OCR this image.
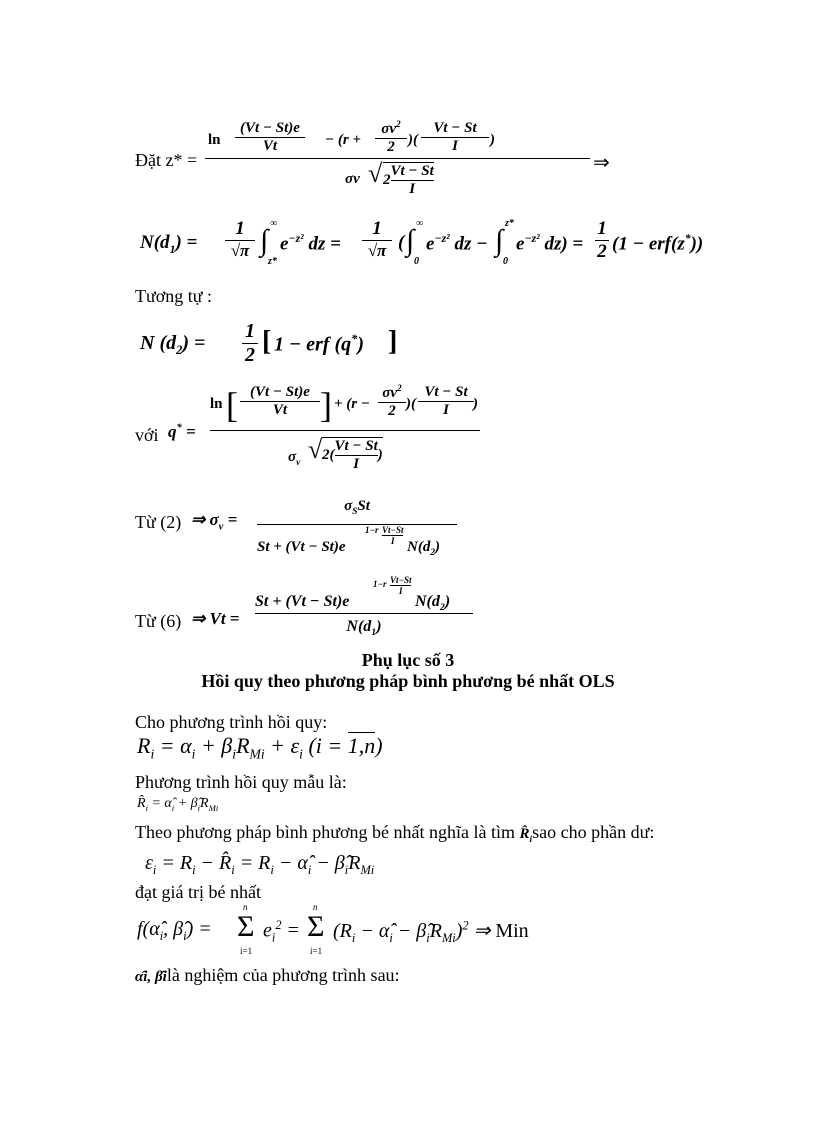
Đặt z* =
ln
(Vt − St)e
Vt	− (r +
$\sigma v^2$
2 )(
Vt − St
I	)
σv √ $2 \frac{Vt - St}{I}$	⇒
$N(d_1)$ =
1
√π ∫
∞
z*
$e^{-z^2}$ dz =
1
√π ( ∫
∞
0
$e^{-z^2}$ dz − ∫
z*
0
$e^{-z^2}$ dz) =
1
2 (1 − erf(z*))
Tương tự :
N $(d_2)$ =
1
2 [ 1 − erf (q*) ]
với q* =
ln [ (Vt − St)e
Vt ] + (r −
$\sigma v^2$
2 )(
Vt − St
I	)
$\sigma_v$ √ $2( \frac{Vt - St}{I}$ )
Từ (2) ⇒ $\sigma_v$ =
$\sigma_SSt$
St + (Vt − St)e
1−r Vt−St
I $N(d_2)$
Từ (6) ⇒ Vt =
St + (Vt − St)e
1−r Vt−St
I
$N(d_2)$
$N(d_1)$
Phụ lục số 3
Hồi quy theo phương pháp bình phương bé nhất OLS
Cho phương trình hồi quy:
$R_i = \alpha_i + \beta_iR_{Mi} + \varepsilon_i$ (i = 1,n)
Phương trình hồi quy mẫu là:
$R̂_i$ = $\alphâ_i$ + $\betâ_iR_{Mi}$
Theo phương pháp bình phương bé nhất nghĩa là tìm $R̂_isao$ cho phần dư:
$\varepsilon_i = R_i$ − $R̂_i = R_i$ − $\alphâ_i$ − $\betâ_iR_{Mi}$
đạt giá trị bé nhất
$f(\alphâ_i$, $\betâ_i) = \Sigma$
n
i=1
$e_i^2 = \Sigma$
n
i=1
($R_i$ − $\alphâ_i$ − $\betâ_iR_{Mi})^2$ ⇒ Min
α̂i, β̂ilà nghiệm của phương trình sau:
